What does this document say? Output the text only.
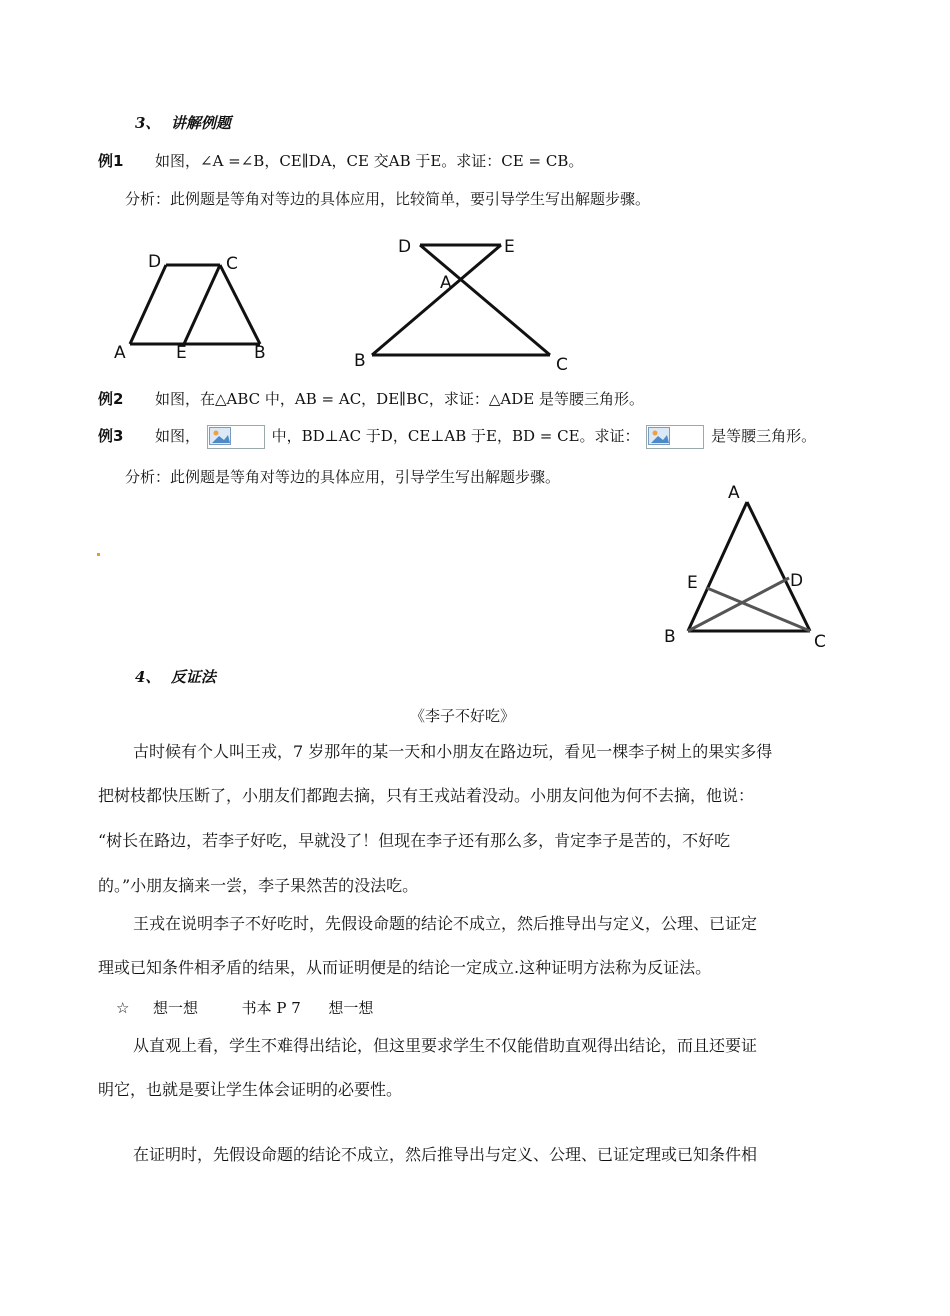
3、 讲解例题
例1 如图，∠A =∠B，CE∥DA，CE 交AB 于E。求证：CE = CB。
分析：此例题是等角对等边的具体应用，比较简单，要引导学生写出解题步骤。
D	C
A	E	B
D	E
A
B	C
例2 如图，在△ABC 中，AB = AC，DE∥BC，求证：△ADE 是等腰三角形。
例3 如图，	中，BD⊥AC 于D，CE⊥AB 于E，BD = CE。求证：	是等腰三角形。
分析：此例题是等角对等边的具体应用，引导学生写出解题步骤。
A
E	D
B	C
4、 反证法
《李子不好吃》
古时候有个人叫王戎，7 岁那年的某一天和小朋友在路边玩，看见一棵李子树上的果实多得
把树枝都快压断了，小朋友们都跑去摘，只有王戎站着没动。小朋友问他为何不去摘，他说：
“树长在路边，若李子好吃，早就没了！但现在李子还有那么多，肯定李子是苦的，不好吃
的。”小朋友摘来一尝，李子果然苦的没法吃。
王戎在说明李子不好吃时，先假设命题的结论不成立，然后推导出与定义，公理、已证定
理或已知条件相矛盾的结果，从而证明便是的结论一定成立.这种证明方法称为反证法。
☆ 想一想	书本 P 7 想一想
从直观上看，学生不难得出结论，但这里要求学生不仅能借助直观得出结论，而且还要证
明它，也就是要让学生体会证明的必要性。
在证明时，先假设命题的结论不成立，然后推导出与定义、公理、已证定理或已知条件相
